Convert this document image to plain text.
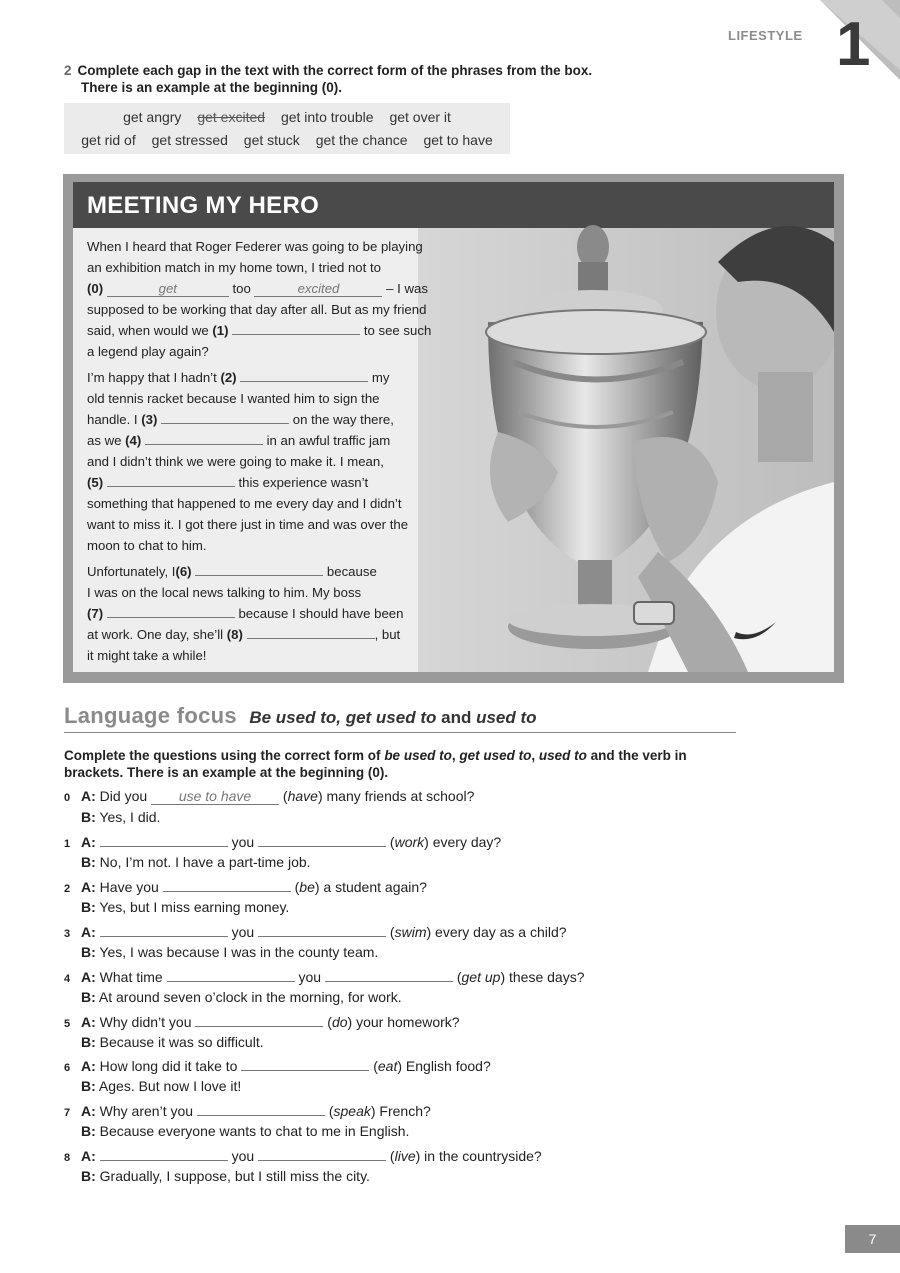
LIFESTYLE 1
2 Complete each gap in the text with the correct form of the phrases from the box.
There is an example at the beginning (0).
get angry get excited get into trouble get over it
get rid of get stressed get stuck get the chance get to have
MEETING MY HERO

When I heard that Roger Federer was going to be playing
an exhibition match in my home town, I tried not to
(0)	get	too	excited	– I was
supposed to be working that day after all. But as my friend
said, when would we (1)	to see such
a legend play again?

I’m happy that I hadn’t (2)	my
old tennis racket because I wanted him to sign the
handle. I (3)	on the way there,
as we (4)	in an awful traffic jam
and I didn’t think we were going to make it. I mean,
(5)	this experience wasn’t
something that happened to me every day and I didn’t
want to miss it. I got there just in time and was over the
moon to chat to him.

Unfortunately, I(6)	because
I was on the local news talking to him. My boss
(7)	because I should have been
at work. One day, she’ll (8)	, but
it might take a while!

Language focus Be used to, get used to and used to
Complete the questions using the correct form of be used to, get used to, used to and the verb in
brackets. There is an example at the beginning (0).
0 A: Did you use to have (have) many friends at school?
B: Yes, I did.
1 A:	you	(work) every day?
B: No, I’m not. I have a part-time job.
2 A: Have you	(be) a student again?
B: Yes, but I miss earning money.
3 A:	you	(swim) every day as a child?
B: Yes, I was because I was in the county team.
4 A: What time	you	(get up) these days?
B: At around seven o’clock in the morning, for work.
5 A: Why didn’t you	(do) your homework?
B: Because it was so difficult.
6 A: How long did it take to	(eat) English food?
B: Ages. But now I love it!
7 A: Why aren’t you	(speak) French?
B: Because everyone wants to chat to me in English.
8 A:	you	(live) in the countryside?
B: Gradually, I suppose, but I still miss the city.
7
